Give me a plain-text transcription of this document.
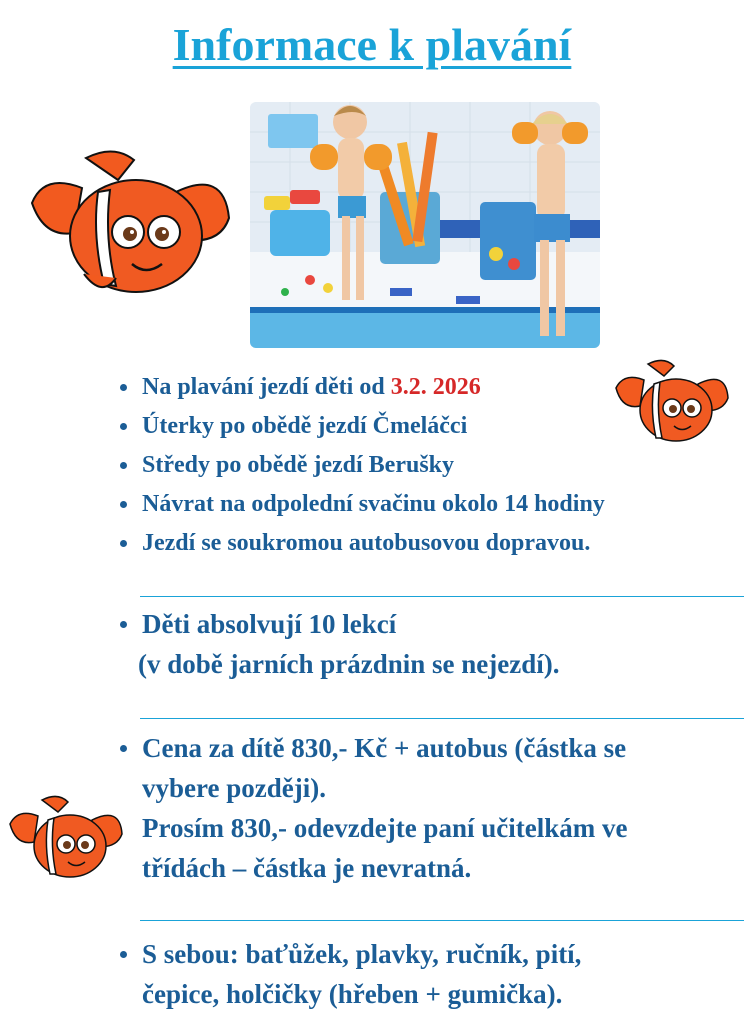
Informace k plavání
Na plavání jezdí děti od 3.2. 2026
Úterky po obědě jezdí Čmeláčci
Středy po obědě jezdí Berušky
Návrat na odpolední svačinu okolo 14 hodiny
Jezdí se soukromou autobusovou dopravou.

Děti absolvují 10 lekcí

(v době jarních prázdnin se nejezdí).

Cena za dítě 830,- Kč + autobus (částka se

vybere později).

Prosím 830,- odevzdejte paní učitelkám ve

třídách – částka je nevratná.

S sebou: baťůžek, plavky, ručník, pití,

čepice, holčičky (hřeben + gumička).
